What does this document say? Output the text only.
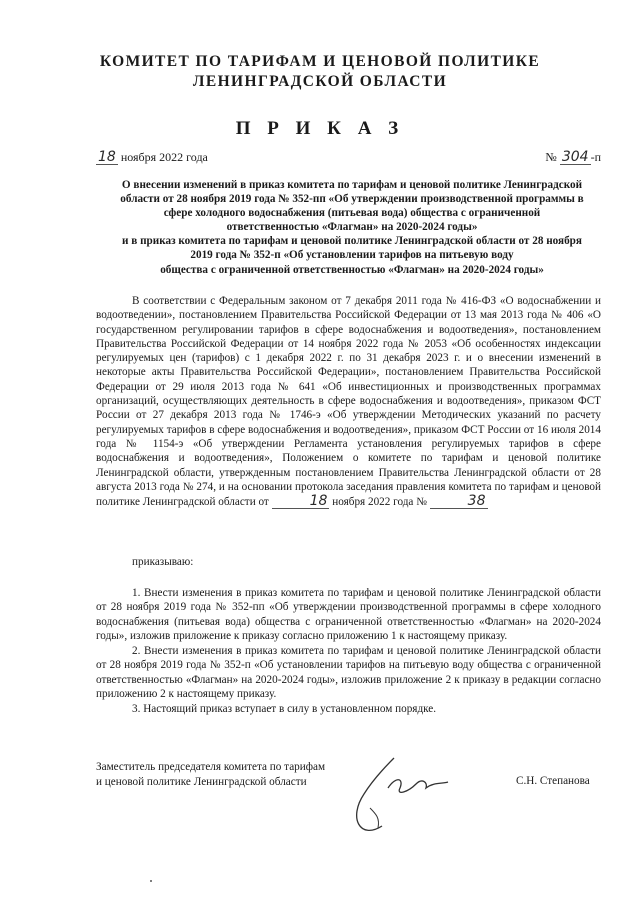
КОМИТЕТ ПО ТАРИФАМ И ЦЕНОВОЙ ПОЛИТИКЕ
ЛЕНИНГРАДСКОЙ ОБЛАСТИ
П Р И К А З
18 ноября 2022 года	№ 304 -п

О внесении изменений в приказ комитета по тарифам и ценовой политике Ленинградской

области от 28 ноября 2019 года № 352-пп «Об утверждении производственной программы в

сфере холодного водоснабжения (питьевая вода) общества с ограниченной

ответственностью «Флагман» на 2020-2024 годы»

и в приказ комитета по тарифам и ценовой политике Ленинградской области от 28 ноября

2019 года № 352-п «Об установлении тарифов на питьевую воду

общества с ограниченной ответственностью «Флагман» на 2020-2024 годы»

В соответствии с Федеральным законом от 7 декабря 2011 года № 416-ФЗ «О водоснабжении и водоотведении», постановлением Правительства Российской Федерации от 13 мая 2013 года № 406 «О государственном регулировании тарифов в сфере водоснабжения и водоотведения», постановлением Правительства Российской Федерации от 14 ноября 2022 года № 2053 «Об особенностях индексации регулируемых цен (тарифов) с 1 декабря 2022 г. по 31 декабря 2023 г. и о внесении изменений в некоторые акты Правительства Российской Федерации», постановлением Правительства Российской Федерации от 29 июля 2013 года № 641 «Об инвестиционных и производственных программах организаций, осуществляющих деятельность в сфере водоснабжения и водоотведения», приказом ФСТ России от 27 декабря 2013 года № 1746-э «Об утверждении Методических указаний по расчету регулируемых тарифов в сфере водоснабжения и водоотведения», приказом ФСТ России от 16 июля 2014 года № 1154-э «Об утверждении Регламента установления регулируемых тарифов в сфере водоснабжения и водоотведения», Положением о комитете по тарифам и ценовой политике Ленинградской области, утвержденным постановлением Правительства Ленинградской области от 28 августа 2013 года № 274, и на основании протокола заседания правления комитета по тарифам и ценовой политике Ленинградской области от	18 ноября 2022 года №	38

приказываю:

1. Внести изменения в приказ комитета по тарифам и ценовой политике Ленинградской области от 28 ноября 2019 года № 352-пп «Об утверждении производственной программы в сфере холодного водоснабжения (питьевая вода) общества с ограниченной ответственностью «Флагман» на 2020-2024 годы», изложив приложение к приказу согласно приложению 1 к настоящему приказу.

2. Внести изменения в приказ комитета по тарифам и ценовой политике Ленинградской области от 28 ноября 2019 года № 352-п «Об установлении тарифов на питьевую воду общества с ограниченной ответственностью «Флагман» на 2020-2024 годы», изложив приложение 2 к приказу в редакции согласно приложению 2 к настоящему приказу.

3. Настоящий приказ вступает в силу в установленном порядке.

Заместитель председателя комитета по тарифам
и ценовой политике Ленинградской области	С.Н. Степанова
